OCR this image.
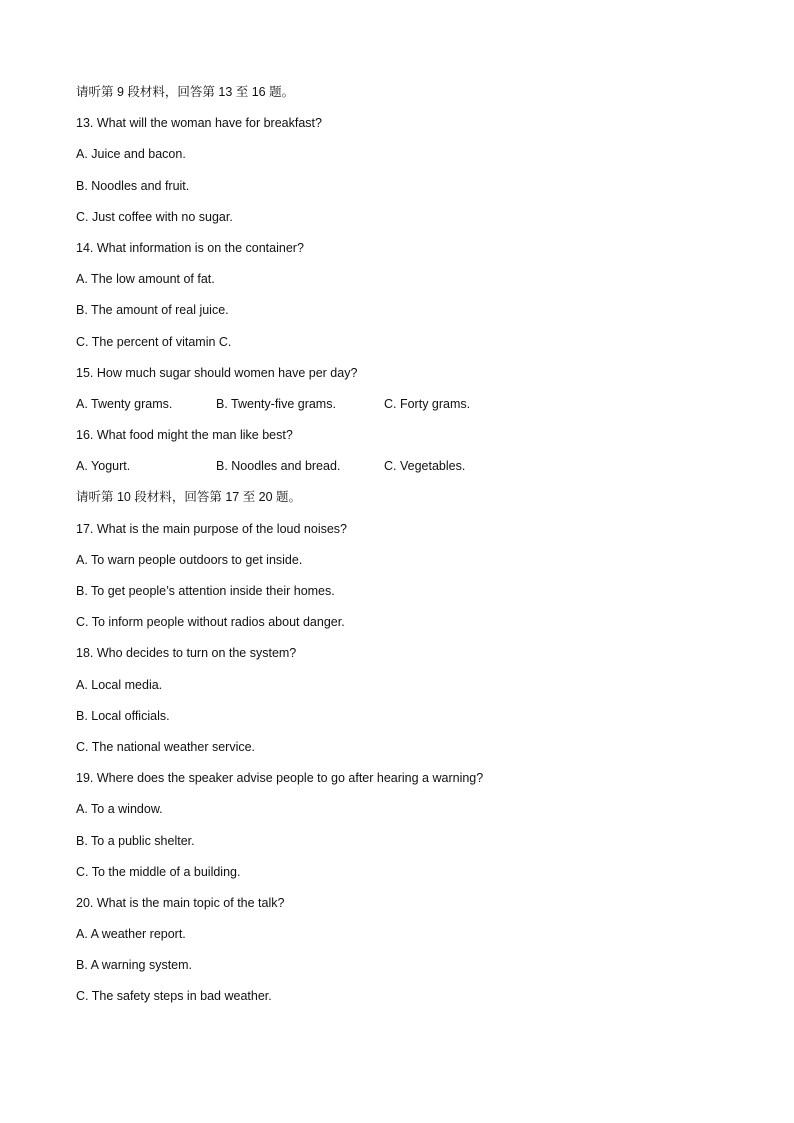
请听第 9 段材料，回答第 13 至 16 题。
13. What will the woman have for breakfast?
A. Juice and bacon.
B. Noodles and fruit.
C. Just coffee with no sugar.
14. What information is on the container?
A. The low amount of fat.
B. The amount of real juice.
C. The percent of vitamin C.
15. How much sugar should women have per day?
A. Twenty grams.	B. Twenty-five grams.	C. Forty grams.
16. What food might the man like best?
A. Yogurt.	B. Noodles and bread.	C. Vegetables.
请听第 10 段材料，回答第 17 至 20 题。
17. What is the main purpose of the loud noises?
A. To warn people outdoors to get inside.
B. To get people’s attention inside their homes.
C. To inform people without radios about danger.
18. Who decides to turn on the system?
A. Local media.
B. Local officials.
C. The national weather service.
19. Where does the speaker advise people to go after hearing a warning?
A. To a window.
B. To a public shelter.
C. To the middle of a building.
20. What is the main topic of the talk?
A. A weather report.
B. A warning system.
C. The safety steps in bad weather.
